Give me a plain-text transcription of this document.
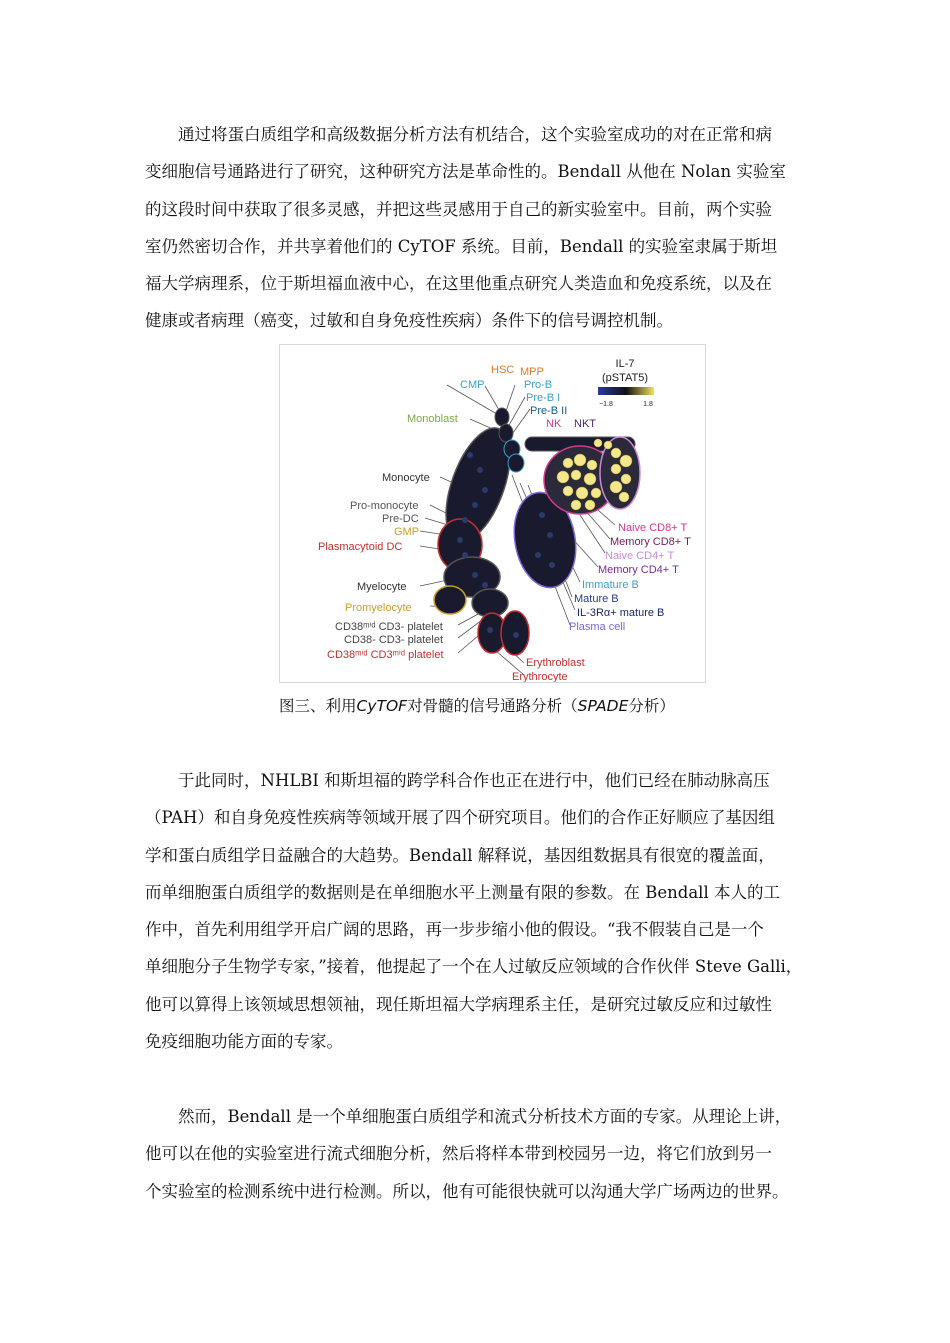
通过将蛋白质组学和高级数据分析方法有机结合，这个实验室成功的对在正常和病
变细胞信号通路进行了研究，这种研究方法是革命性的。Bendall 从他在 Nolan 实验室
的这段时间中获取了很多灵感，并把这些灵感用于自己的新实验室中。目前，两个实验
室仍然密切合作，并共享着他们的 CyTOF 系统。目前，Bendall 的实验室隶属于斯坦
福大学病理系，位于斯坦福血液中心，在这里他重点研究人类造血和免疫系统，以及在
健康或者病理（癌变，过敏和自身免疫性疾病）条件下的信号调控机制。
IL-7
(pSTAT5)
−1.8	1.8
HSC MPP
CMP	Pro-B
Pre-B I
Pre-B II
NK NKT
Monoblast
Monocyte
Pro-monocyte
Pre-DC
GMP
Plasmacytoid DC
Myelocyte
Promyelocyte
CD38ᵐⁱᵈ CD3- platelet
CD38- CD3- platelet
CD38ᵐⁱᵈ CD3ᵐⁱᵈ platelet
Naive CD8+ T
Memory CD8+ T
Naive CD4+ T
Memory CD4+ T
Immature B
Mature B
IL-3Rα+ mature B
Plasma cell
Erythroblast
Erythrocyte
图三、利用CyTOF对骨髓的信号通路分析（SPADE分析）
于此同时，NHLBI 和斯坦福的跨学科合作也正在进行中，他们已经在肺动脉高压
（PAH）和自身免疫性疾病等领域开展了四个研究项目。他们的合作正好顺应了基因组
学和蛋白质组学日益融合的大趋势。Bendall 解释说，基因组数据具有很宽的覆盖面，
而单细胞蛋白质组学的数据则是在单细胞水平上测量有限的参数。在 Bendall 本人的工
作中，首先利用组学开启广阔的思路，再一步步缩小他的假设。“我不假装自己是一个
单细胞分子生物学专家，”接着，他提起了一个在人过敏反应领域的合作伙伴 Steve Galli，
他可以算得上该领域思想领袖，现任斯坦福大学病理系主任，是研究过敏反应和过敏性
免疫细胞功能方面的专家。
然而，Bendall 是一个单细胞蛋白质组学和流式分析技术方面的专家。从理论上讲，
他可以在他的实验室进行流式细胞分析，然后将样本带到校园另一边，将它们放到另一
个实验室的检测系统中进行检测。所以，他有可能很快就可以沟通大学广场两边的世界。
